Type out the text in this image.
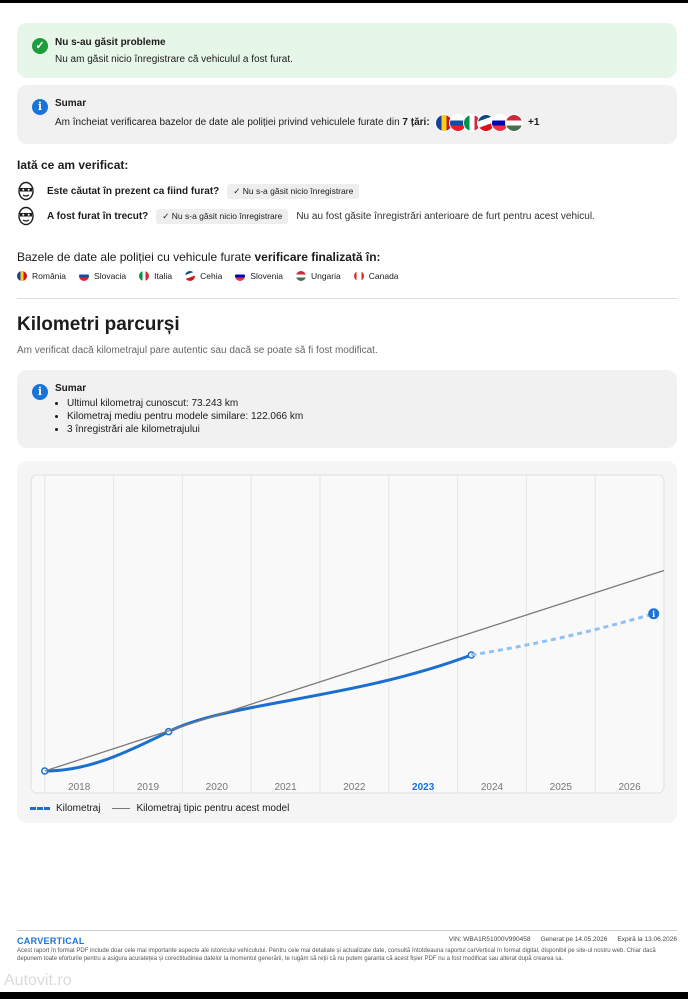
✓	Nu s-au găsit probleme
Nu am găsit nicio înregistrare că vehiculul a fost furat.
i	Sumar
Am încheiat verificarea bazelor de date ale poliției privind vehiculele furate din 7 țări:	+1
Iată ce am verificat:
Este căutat în prezent ca fiind furat?	✓ Nu s-a găsit nicio înregistrare
A fost furat în trecut?	✓ Nu s-a găsit nicio înregistrare	Nu au fost găsite înregistrări anterioare de furt pentru acest vehicul.
Bazele de date ale poliției cu vehicule furate verificare finalizată în:
România	Slovacia	Italia	Cehia	Slovenia	Ungaria	Canada
Kilometri parcurși
Am verificat dacă kilometrajul pare autentic sau dacă se poate să fi fost modificat.
i	Sumar
• Ultimul kilometraj cunoscut: 73.243 km
• Kilometraj mediu pentru modele similare: 122.066 km
• 3 înregistrări ale kilometrajului
i
2018	2019	2020	2021	2022	2023	2024	2025	2026
Kilometraj	Kilometraj tipic pentru acest model
CARVERTICAL	VIN: WBA1R51000V990458 Generat pe 14.05.2026 Expiră la 13.06.2026
Acest raport în format PDF include doar cele mai importante aspecte ale istoricului vehiculului. Pentru cele mai detaliate și actualizate date, consultă întotdeauna raportul carVertical în format digital, disponibil pe site-ul nostru web. Chiar dacă depunem toate eforturile pentru a asigura acuratețea și corectitudinea datelor la momentul generării, te rugăm să reții că nu putem garanta că acest fișier PDF nu a fost modificat sau alterat după crearea sa.
Autovit.ro
